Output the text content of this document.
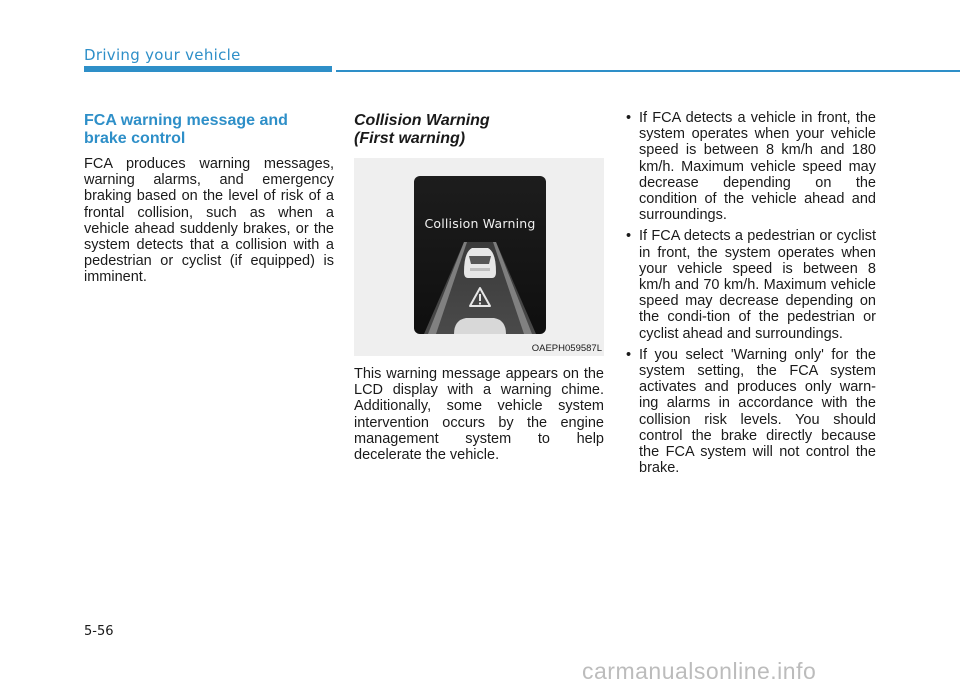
Driving your vehicle
FCA warning message and brake control

FCA produces warning messages, warning alarms, and emergency braking based on the level of risk of a frontal collision, such as when a vehicle ahead suddenly brakes, or the system detects that a collision with a pedestrian or cyclist (if equipped) is imminent.

Collision Warning
(First warning)
Collision Warning
OAEPH059587L

This warning message appears on the LCD display with a warning chime. Additionally, some vehicle system intervention occurs by the engine management system to help decelerate the vehicle.

• If FCA detects a vehicle in front, the system operates when your vehicle speed is between 8 km/h and 180 km/h. Maximum vehicle speed may decrease depending on the condition of the vehicle ahead and surroundings.
• If FCA detects a pedestrian or cyclist in front, the system operates when your vehicle speed is between 8 km/h and 70 km/h. Maximum vehicle speed may decrease depending on the condi-tion of the pedestrian or cyclist ahead and surroundings.
• If you select 'Warning only' for the system setting, the FCA system activates and produces only warn-ing alarms in accordance with the collision risk levels. You should control the brake directly because the FCA system will not control the brake.
5-56
carmanualsonline.info
